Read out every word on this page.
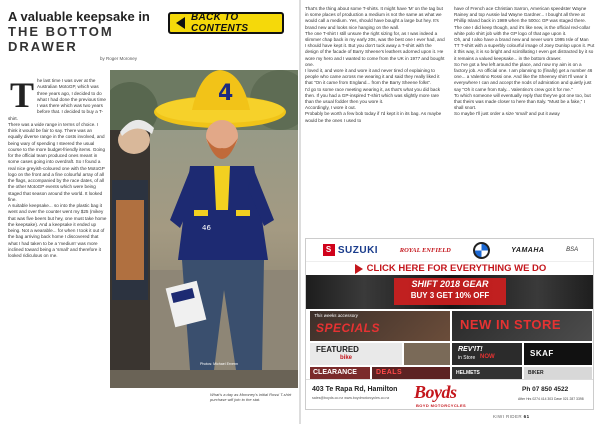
A valuable keepsake in
THE BOTTOM
DRAWER
by Roger Moroney
BACK TO CONTENTS
T he last time I was over at the Australian MotoGP, which was three years ago, I decided to do what I had done the previous time I was there which was two years before that. I decided to buy a T-shirt.

There was a wide range in terms of choice. I think it would be fair to say. There was an equally diverse range in the costs involved, and being wary of spending I steered the usual course to the more budget-friendly items. Going for the official team produced ones meant in some cases going into overdraft. So I found a real nice greyish-coloured one with the MotoGP logo on the front and a fine colourful array of all the flags, accompanied by the race dates, of all the other MotoGP events which were being staged that season around the world. It looked fine.

A suitable keepsake... so into the plastic bag it went and over the counter went my $25 (mikey that was five beers but hey, one must take home the keepsake). And a keepsake it ended up being. Not a wearable... for when I took it out of the bag arriving back home I discovered that what I had taken to be a 'medium' was more inclined toward being a 'small' and therefore it looked ridiculous on me.

4
46
Photos: Michael Ervenn
What's a day as Moroney's initial Rossi T-shirt purchase will join to the stat.

That's the thing about some T-shirts. It might have 'M' on the tag but in some places of production a medium is not the same as what we would call a medium. Yes, should have bought a large but hey. It's brand new and looks nice hanging on the wall.

The one T-shirt I still unsure the right sizing for, as I was indeed a slimmer chap back in my early 20s, was the best one I ever had, and I should have kept it. But you don't tuck away a T-shirt with the design of the facade of Barry Sheene's leathers adorned upon it. He wore my hero and I wanted to come from the UK in 1977 and bought one.

I loved it, and wore it and wore it and never tired of explaining to people who came across me wearing it and said they really liked it that "On it came from England... from the Barry Sheene folks".

I'd go to some race meeting wearing it, as that's what you did back then. If you had a GP-inspired T-shirt which was slightly more rare than the usual fodder then you wore it.

Accordingly, I wore it out.

Probably be worth a few bob today if I'd kept it in its bag. As maybe would be the ones I used to

have of French ace Christian Sarron, American speedster Wayne Rainey and top Aussie lad Wayne Gardner... I bought all three at Phillip Island back in 1989 when the 500cc GP was staged there.

The one I did keep though, and it's like new, is the official red-collar white polo shirt job with the GP logo of that age upon it.

Oh, and I also have a brand new and never worn 1995 Isle of Man TT T-shirt with a superbly colourful image of Joey Dunlop upon it. Put it this way, it is so bright and scintillating I even get distracted by it so it remains a valued keepsake... in the bottom drawer.

So I've got a few left around the place, and now my aim is on a factory job. An official one. I am planning to (finally) get a number 46 one... a Valentino Rossi one. And like the Sheeney shirt I'll wear it everywhere I can and accept the nods of admiration and quietly just say "Oh it came from Italy... Valentino's crew got it for me."

To which someone will eventually reply that they've got one too, but that theirs was made closer to here than Italy. "Must be a fake," I shall snort.

So maybe I'll just order a size 'small' and put it away

S SUZUKI	ROYAL ENFIELD	YAMAHA	BSA
CLICK HERE FOR EVERYTHING WE DO
SHIFT 2018 GEAR
BUY 3 GET 10% OFF
This weeks accessory
SPECIALS	NEW IN STORE
FEATURED
bike
REV'IT!
in Store NOW	SKAF
CLEARANCE	DEALS	HELMETS	BIKER
403 Te Rapa Rd, Hamilton
sales@boyds.co.nz www.boydmotorcycles.co.nz Boyds
BOYD MOTORCYCLES
Ph 07 850 4522
After Hrs 0274 414 303 Dave 021 287 3398
KIWI RIDER 61
